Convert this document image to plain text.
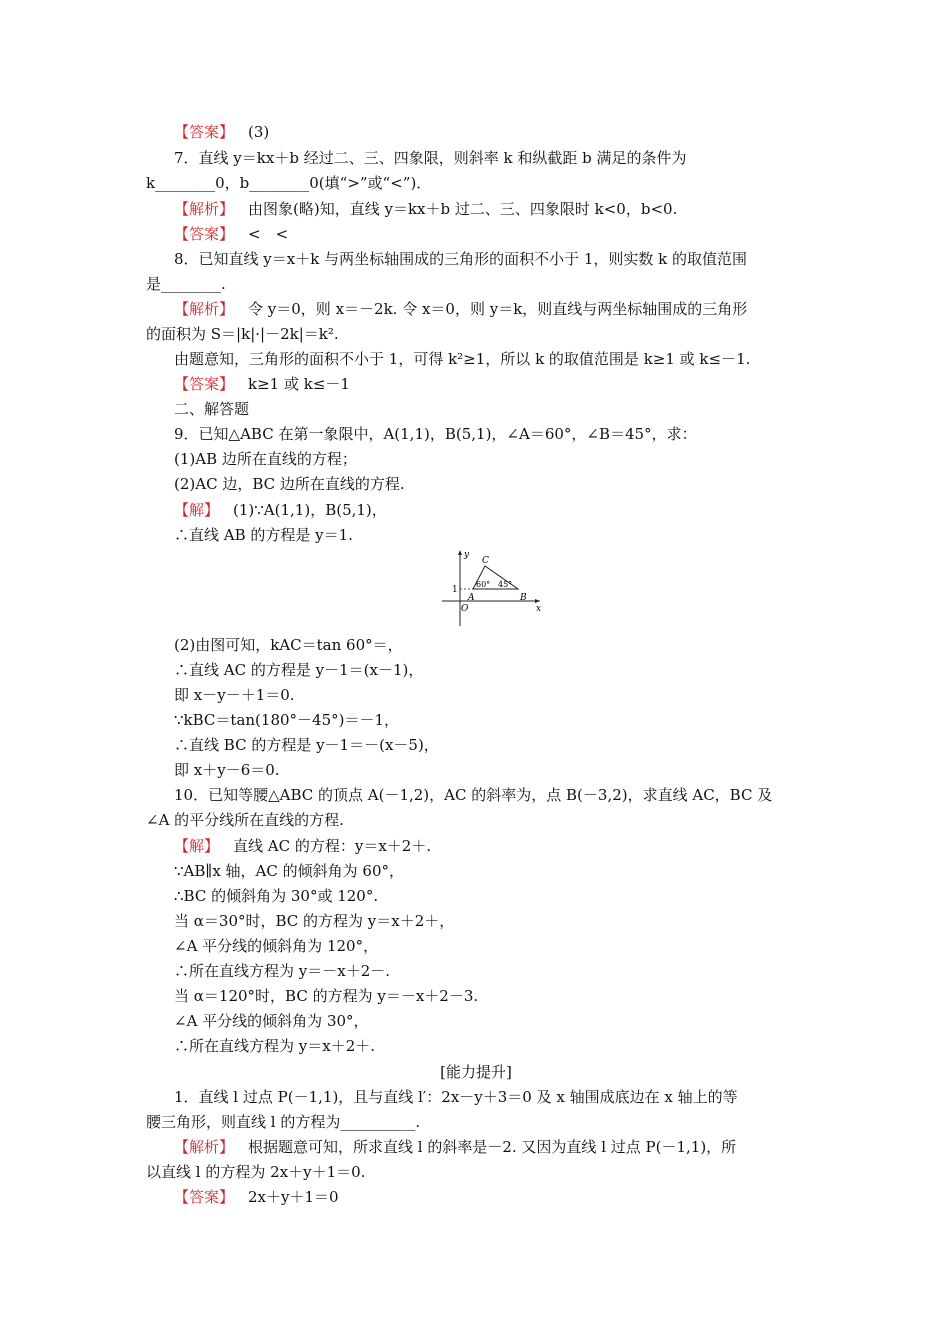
【答案】 (3)
7．直线 y＝kx＋b 经过二、三、四象限，则斜率 k 和纵截距 b 满足的条件为
k________0，b________0(填“>”或“<”)．
【解析】 由图象(略)知，直线 y＝kx＋b 过二、三、四象限时 k<0，b<0.
【答案】 <　<
8．已知直线 y＝x＋k 与两坐标轴围成的三角形的面积不小于 1，则实数 k 的取值范围
是________.
【解析】 令 y＝0，则 x＝－2k. 令 x＝0，则 y＝k，则直线与两坐标轴围成的三角形
的面积为 S＝|k|·|－2k|＝k².
由题意知，三角形的面积不小于 1，可得 k²≥1，所以 k 的取值范围是 k≥1 或 k≤－1.
【答案】 k≥1 或 k≤－1
二、解答题
9．已知△ABC 在第一象限中，A(1,1)，B(5,1)，∠A＝60°，∠B＝45°，求：
(1)AB 边所在直线的方程；
(2)AC 边，BC 边所在直线的方程.
【解】 (1)∵A(1,1)，B(5,1)，
∴直线 AB 的方程是 y＝1.
y
x
O
1
A	B
C
60° 45°
(2)由图可知，kAC＝tan 60°＝，
∴直线 AC 的方程是 y－1＝(x－1)，
即 x－y－＋1＝0.
∵kBC＝tan(180°－45°)＝－1，
∴直线 BC 的方程是 y－1＝－(x－5)，
即 x＋y－6＝0.
10．已知等腰△ABC 的顶点 A(－1,2)，AC 的斜率为，点 B(－3,2)，求直线 AC，BC 及
∠A 的平分线所在直线的方程.
【解】 直线 AC 的方程：y＝x＋2＋.
∵AB∥x 轴，AC 的倾斜角为 60°，
∴BC 的倾斜角为 30°或 120°.
当 α＝30°时，BC 的方程为 y＝x＋2＋，
∠A 平分线的倾斜角为 120°，
∴所在直线方程为 y＝－x＋2－.
当 α＝120°时，BC 的方程为 y＝－x＋2－3.
∠A 平分线的倾斜角为 30°，
∴所在直线方程为 y＝x＋2＋.
[能力提升]
1．直线 l 过点 P(－1,1)，且与直线 l′：2x－y＋3＝0 及 x 轴围成底边在 x 轴上的等
腰三角形，则直线 l 的方程为__________.
【解析】 根据题意可知，所求直线 l 的斜率是－2. 又因为直线 l 过点 P(－1,1)，所
以直线 l 的方程为 2x＋y＋1＝0.
【答案】 2x＋y＋1＝0
